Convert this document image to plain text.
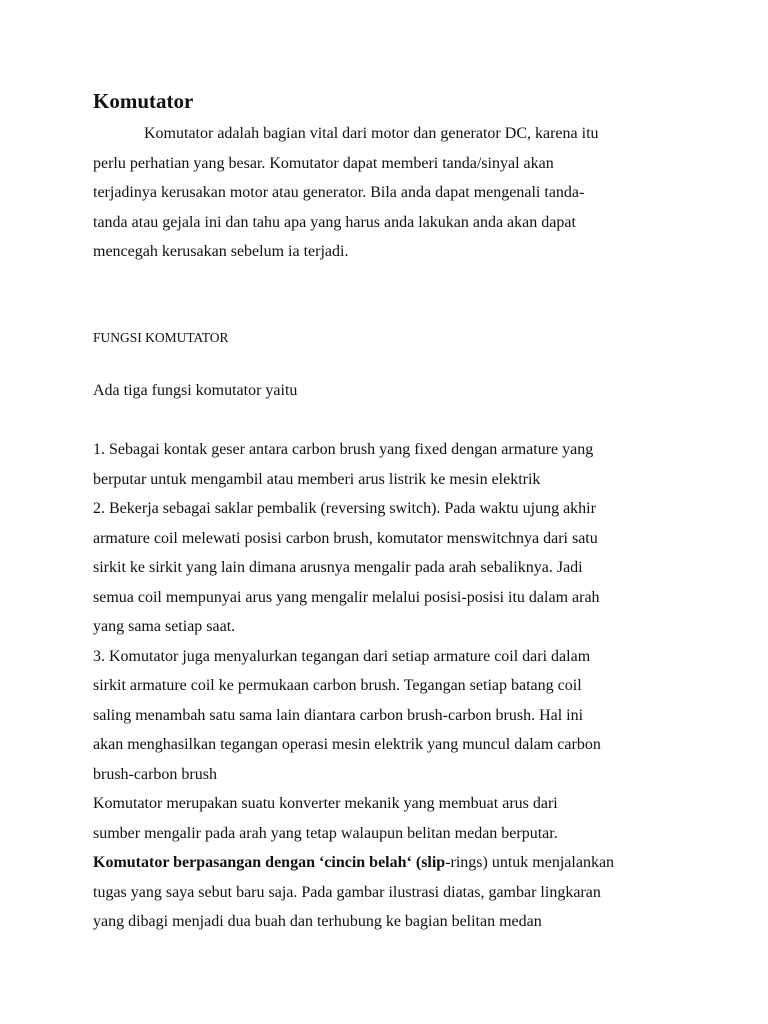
Komutator

Komutator adalah bagian vital dari motor dan generator DC, karena itu
perlu perhatian yang besar. Komutator dapat memberi tanda/sinyal akan
terjadinya kerusakan motor atau generator. Bila anda dapat mengenali tanda-
tanda atau gejala ini dan tahu apa yang harus anda lakukan anda akan dapat
mencegah kerusakan sebelum ia terjadi.

FUNGSI KOMUTATOR

Ada tiga fungsi komutator yaitu

1. Sebagai kontak geser antara carbon brush yang fixed dengan armature yang
berputar untuk mengambil atau memberi arus listrik ke mesin elektrik
2. Bekerja sebagai saklar pembalik (reversing switch). Pada waktu ujung akhir
armature coil melewati posisi carbon brush, komutator menswitchnya dari satu
sirkit ke sirkit yang lain dimana arusnya mengalir pada arah sebaliknya. Jadi
semua coil mempunyai arus yang mengalir melalui posisi-posisi itu dalam arah
yang sama setiap saat.
3. Komutator juga menyalurkan tegangan dari setiap armature coil dari dalam
sirkit armature coil ke permukaan carbon brush. Tegangan setiap batang coil
saling menambah satu sama lain diantara carbon brush-carbon brush. Hal ini
akan menghasilkan tegangan operasi mesin elektrik yang muncul dalam carbon
brush-carbon brush
Komutator merupakan suatu konverter mekanik yang membuat arus dari
sumber mengalir pada arah yang tetap walaupun belitan medan berputar.
Komutator berpasangan dengan ‘cincin belah‘ (slip-rings) untuk menjalankan
tugas yang saya sebut baru saja. Pada gambar ilustrasi diatas, gambar lingkaran
yang dibagi menjadi dua buah dan terhubung ke bagian belitan medan
